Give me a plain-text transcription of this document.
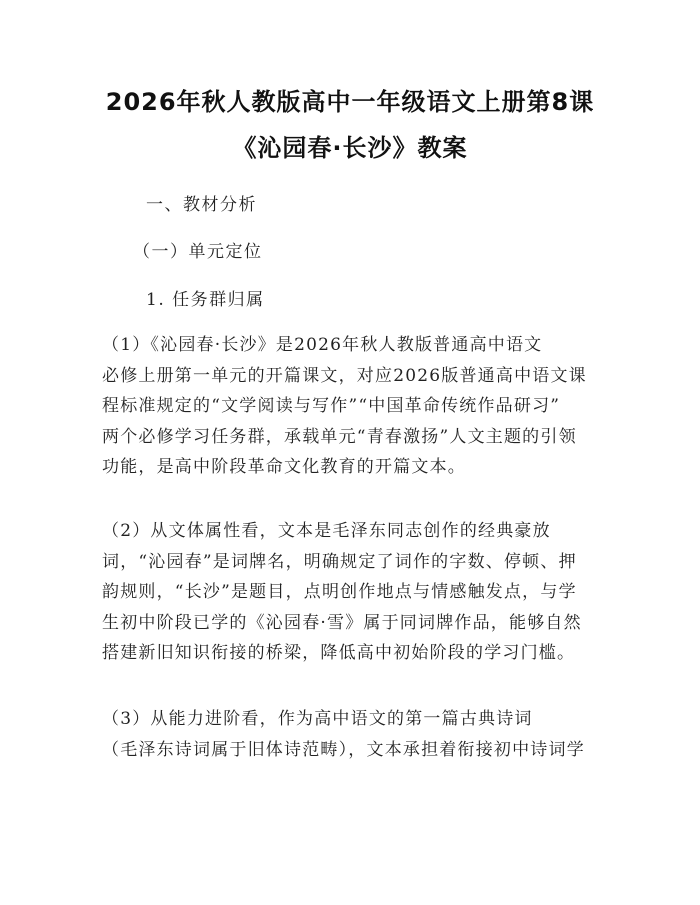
2026年秋人教版高中一年级语文上册第8课
《沁园春·长沙》教案
一、教材分析
（一）单元定位
1. 任务群归属
（1）《沁园春·长沙》是2026年秋人教版普通高中语文
必修上册第一单元的开篇课文，对应2026版普通高中语文课
程标准规定的“文学阅读与写作”“中国革命传统作品研习”
两个必修学习任务群，承载单元“青春激扬”人文主题的引领
功能，是高中阶段革命文化教育的开篇文本。
（2）从文体属性看，文本是毛泽东同志创作的经典豪放
词，“沁园春”是词牌名，明确规定了词作的字数、停顿、押
韵规则，“长沙”是题目，点明创作地点与情感触发点，与学
生初中阶段已学的《沁园春·雪》属于同词牌作品，能够自然
搭建新旧知识衔接的桥梁，降低高中初始阶段的学习门槛。
（3）从能力进阶看，作为高中语文的第一篇古典诗词
（毛泽东诗词属于旧体诗范畴），文本承担着衔接初中诗词学
